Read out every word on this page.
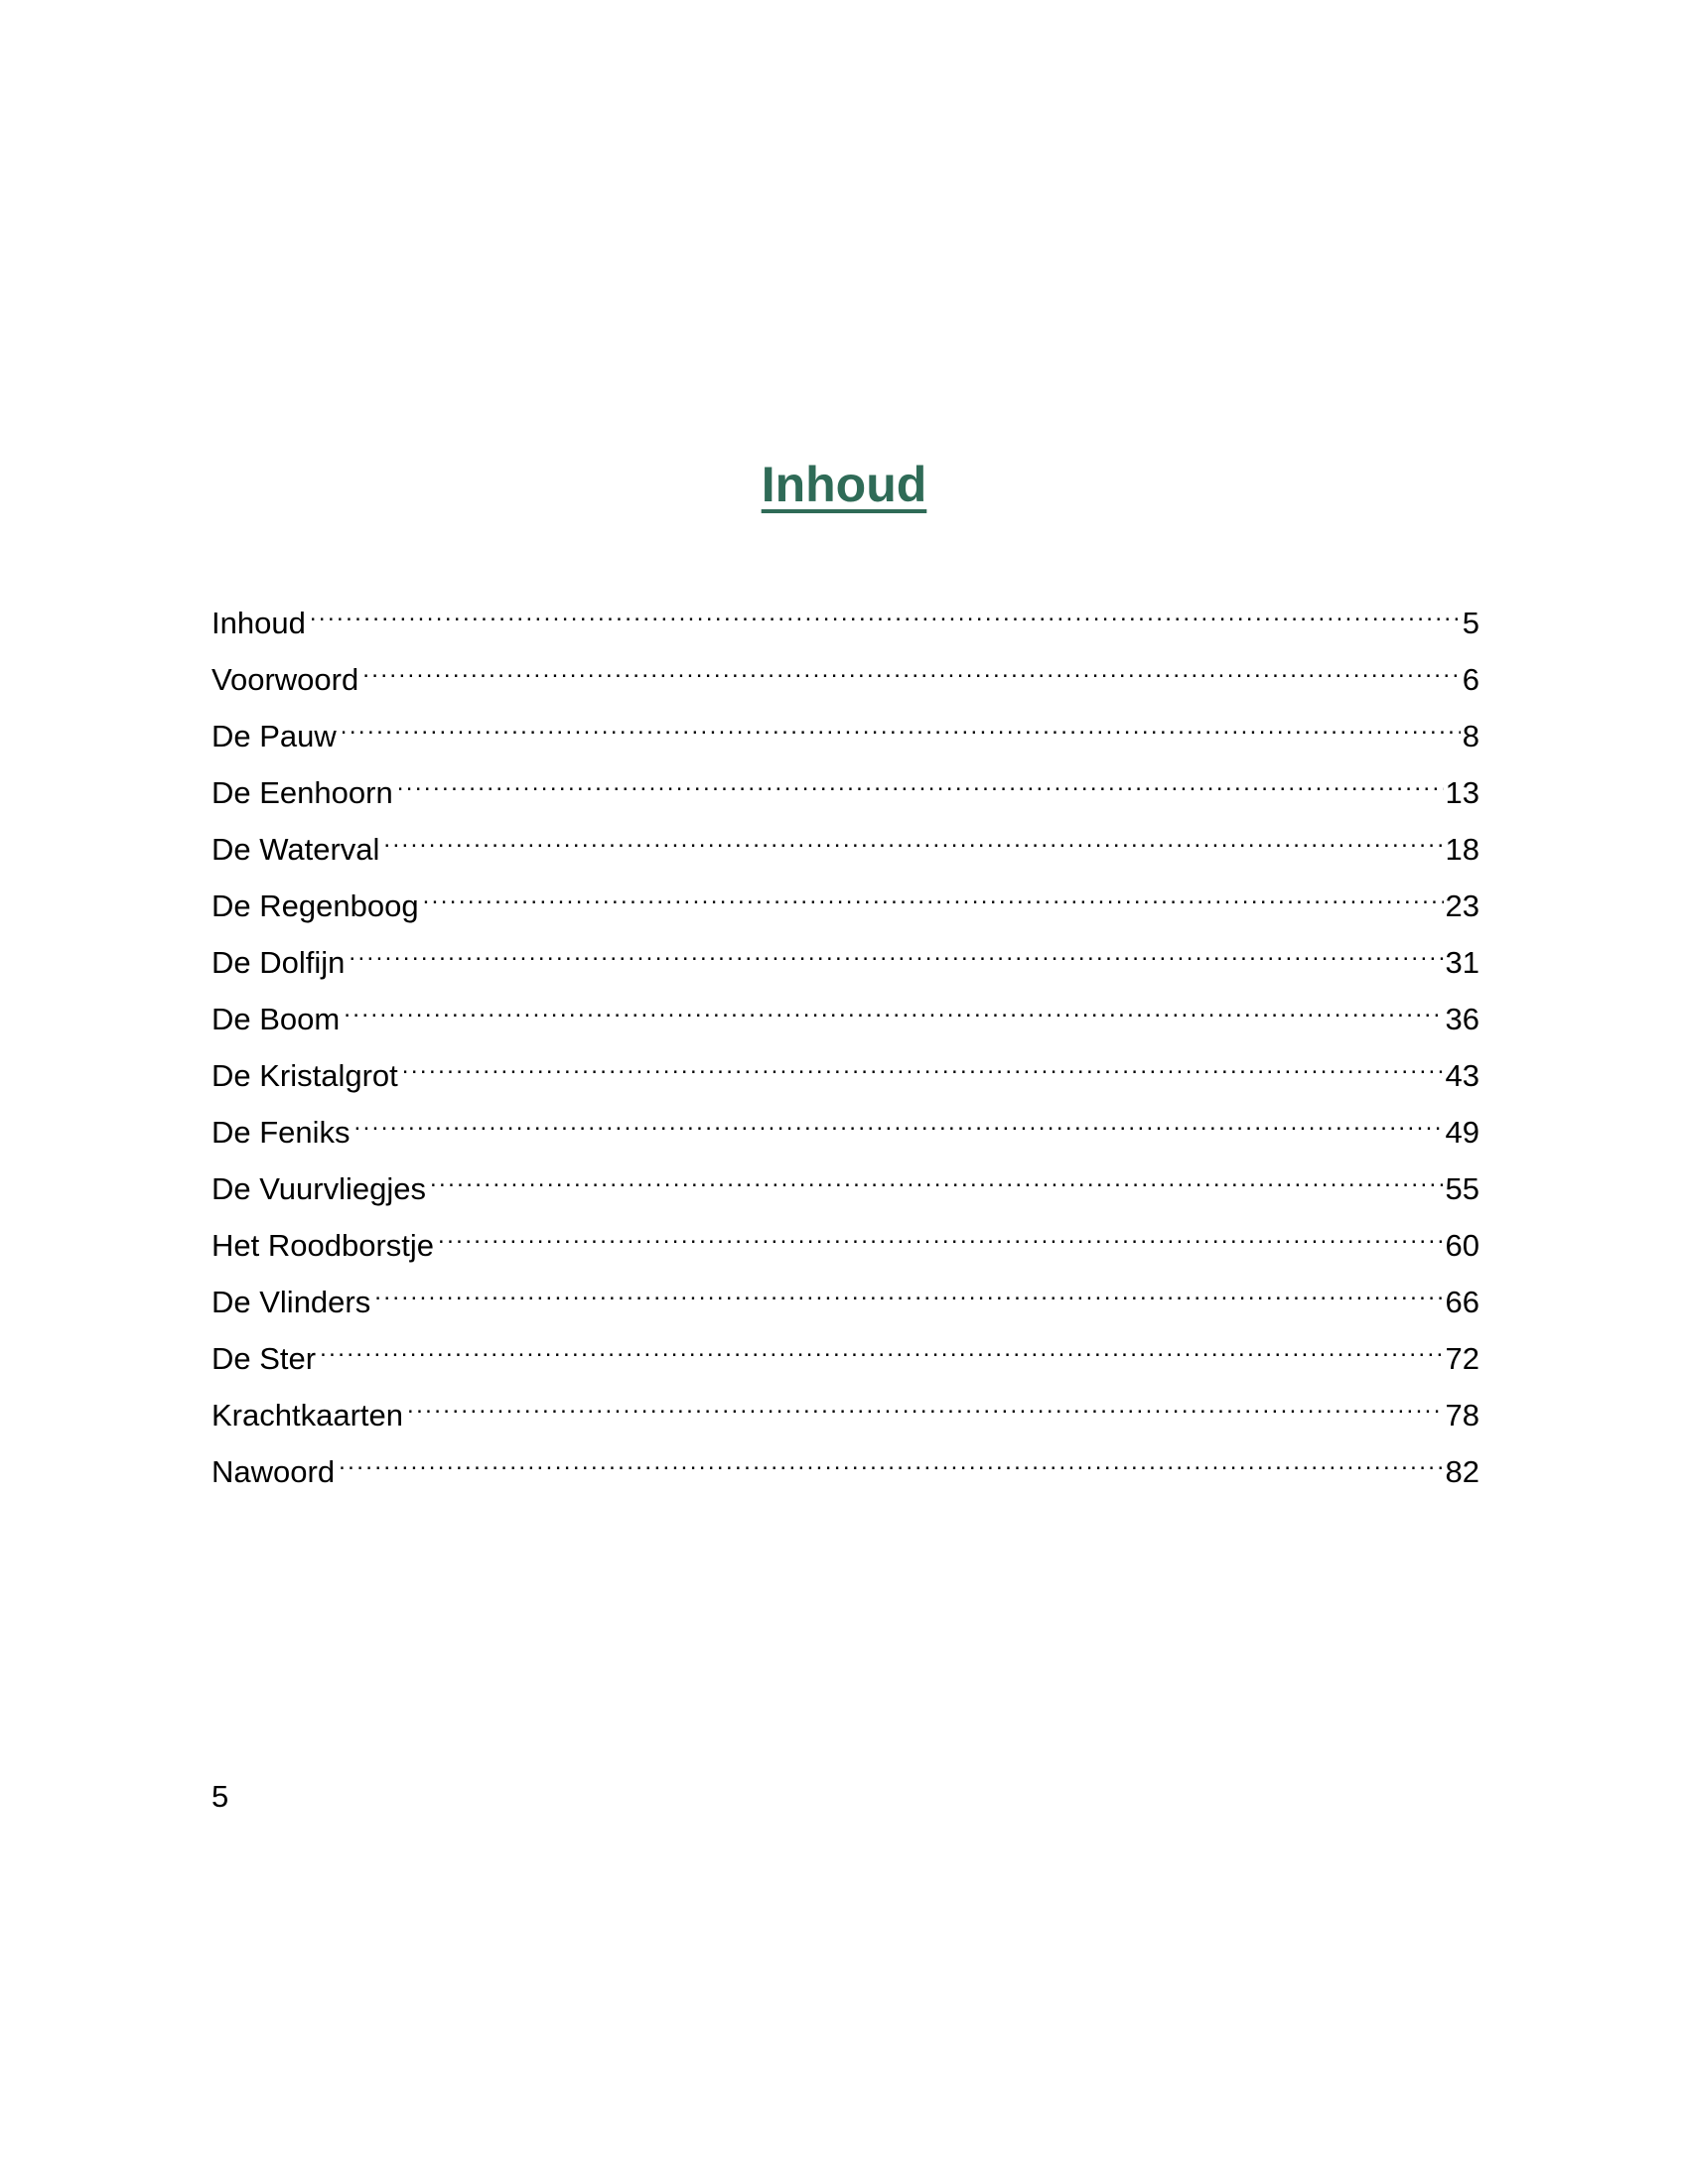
Inhoud
Inhoud .....	5
Voorwoord .....	6
De Pauw .....	8
De Eenhoorn .....	13
De Waterval .....	18
De Regenboog .....	23
De Dolfijn .....	31
De Boom .....	36
De Kristalgrot .....	43
De Feniks .....	49
De Vuurvliegjes .....	55
Het Roodborstje .....	60
De Vlinders .....	66
De Ster .....	72
Krachtkaarten .....	78
Nawoord .....	82
5
